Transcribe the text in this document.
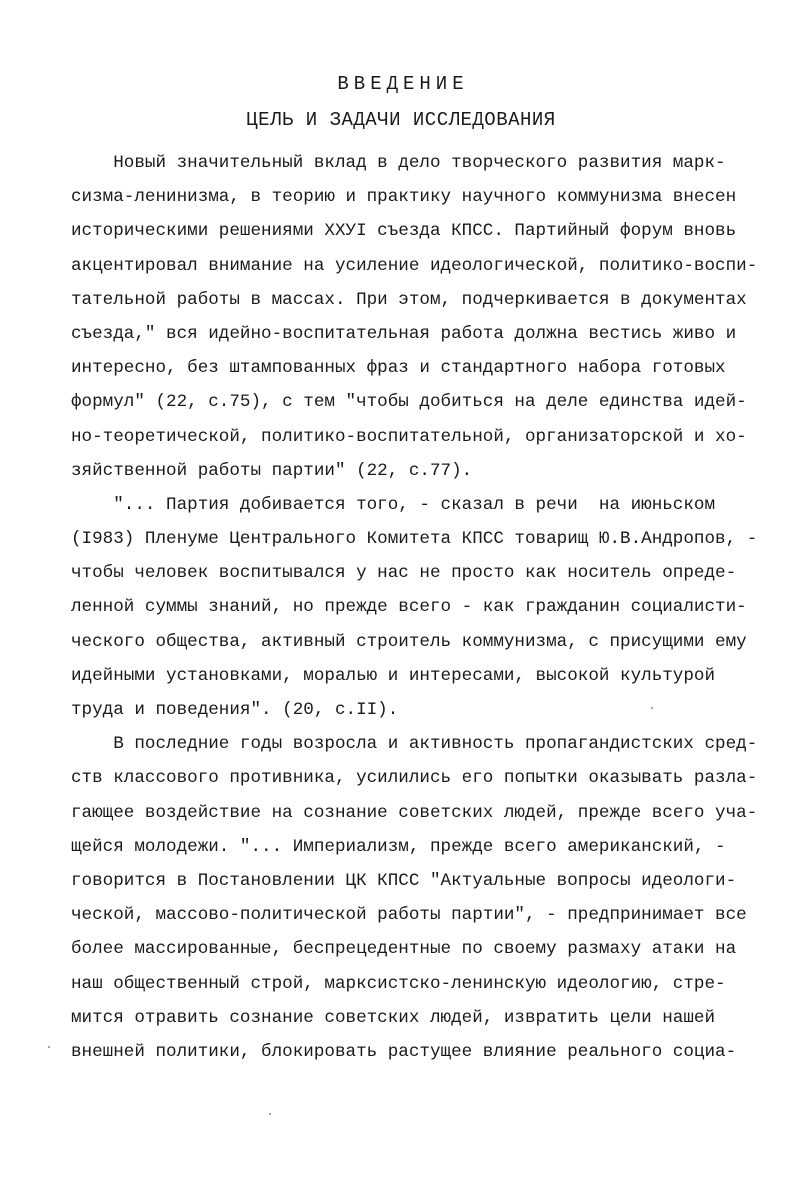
ВВЕДЕНИЕ
ЦЕЛЬ И ЗАДАЧИ ИССЛЕДОВАНИЯ
Новый значительный вклад в дело творческого развития марк-
сизма-ленинизма, в теорию и практику научного коммунизма внесен
историческими решениями ХХУI съезда КПСС. Партийный форум вновь
акцентировал внимание на усиление идеологической, политико-воспи-
тательной работы в массах. При этом, подчеркивается в документах
съезда," вся идейно-воспитательная работа должна вестись живо и
интересно, без штампованных фраз и стандартного набора готовых
формул" (22, с.75), с тем "чтобы добиться на деле единства идей-
но-теоретической, политико-воспитательной, организаторской и хо-
зяйственной работы партии" (22, с.77).
"... Партия добивается того, - сказал в речи  на июньском
(I983) Пленуме Центрального Комитета КПСС товарищ Ю.В.Андропов, -
чтобы человек воспитывался у нас не просто как носитель опреде-
ленной суммы знаний, но прежде всего - как гражданин социалисти-
ческого общества, активный строитель коммунизма, с присущими ему
идейными установками, моралью и интересами, высокой культурой
труда и поведения". (20, с.II).
В последние годы возросла и активность пропагандистских сред-
ств классового противника, усилились его попытки оказывать разла-
гающее воздействие на сознание советских людей, прежде всего уча-
щейся молодежи. "... Империализм, прежде всего американский, -
говорится в Постановлении ЦК КПСС "Актуальные вопросы идеологи-
ческой, массово-политической работы партии", - предпринимает все
более массированные, беспрецедентные по своему размаху атаки на
наш общественный строй, марксистско-ленинскую идеологию, стре-
мится отравить сознание советских людей, извратить цели нашей
внешней политики, блокировать растущее влияние реального социа-
